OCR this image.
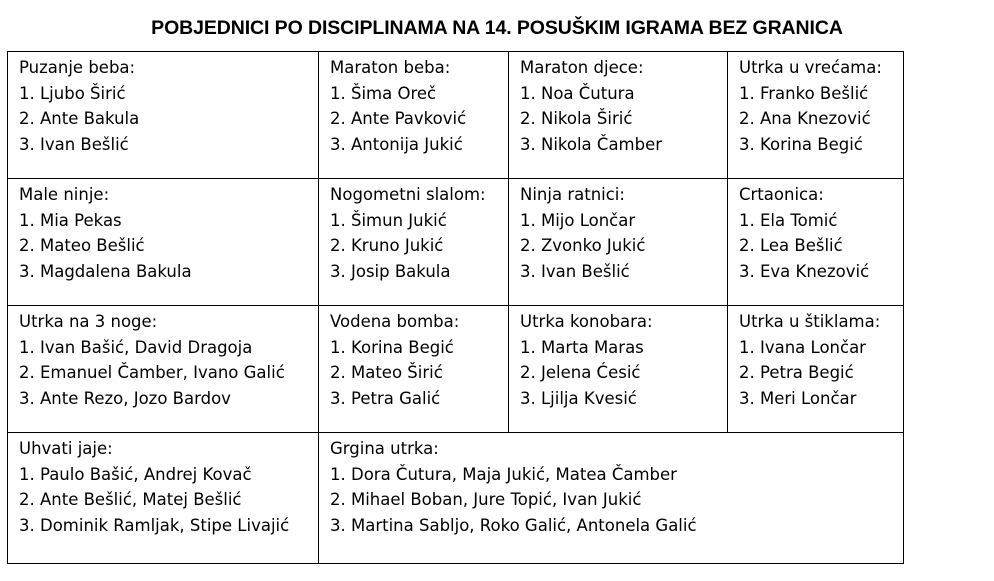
POBJEDNICI PO DISCIPLINAMA NA 14. POSUŠKIM IGRAMA BEZ GRANICA
Puzanje beba:
1. Ljubo Širić
2. Ante Bakula
3. Ivan Bešlić	Maraton beba:
1. Šima Oreč
2. Ante Pavković
3. Antonija Jukić	Maraton djece:
1. Noa Čutura
2. Nikola Širić
3. Nikola Čamber	Utrka u vrećama:
1. Franko Bešlić
2. Ana Knezović
3. Korina Begić

Male ninje:
1. Mia Pekas
2. Mateo Bešlić
3. Magdalena Bakula	Nogometni slalom:
1. Šimun Jukić
2. Kruno Jukić
3. Josip Bakula	Ninja ratnici:
1. Mijo Lončar
2. Zvonko Jukić
3. Ivan Bešlić	Crtaonica:
1. Ela Tomić
2. Lea Bešlić
3. Eva Knezović

Utrka na 3 noge:
1. Ivan Bašić, David Dragoja
2. Emanuel Čamber, Ivano Galić
3. Ante Rezo, Jozo Bardov	Vodena bomba:
1. Korina Begić
2. Mateo Širić
3. Petra Galić	Utrka konobara:
1. Marta Maras
2. Jelena Ćesić
3. Ljilja Kvesić	Utrka u štiklama:
1. Ivana Lončar
2. Petra Begić
3. Meri Lončar

Uhvati jaje:
1. Paulo Bašić, Andrej Kovač
2. Ante Bešlić, Matej Bešlić
3. Dominik Ramljak, Stipe Livajić	Grgina utrka:
1. Dora Čutura, Maja Jukić, Matea Čamber
2. Mihael Boban, Jure Topić, Ivan Jukić
3. Martina Sabljo, Roko Galić, Antonela Galić		
